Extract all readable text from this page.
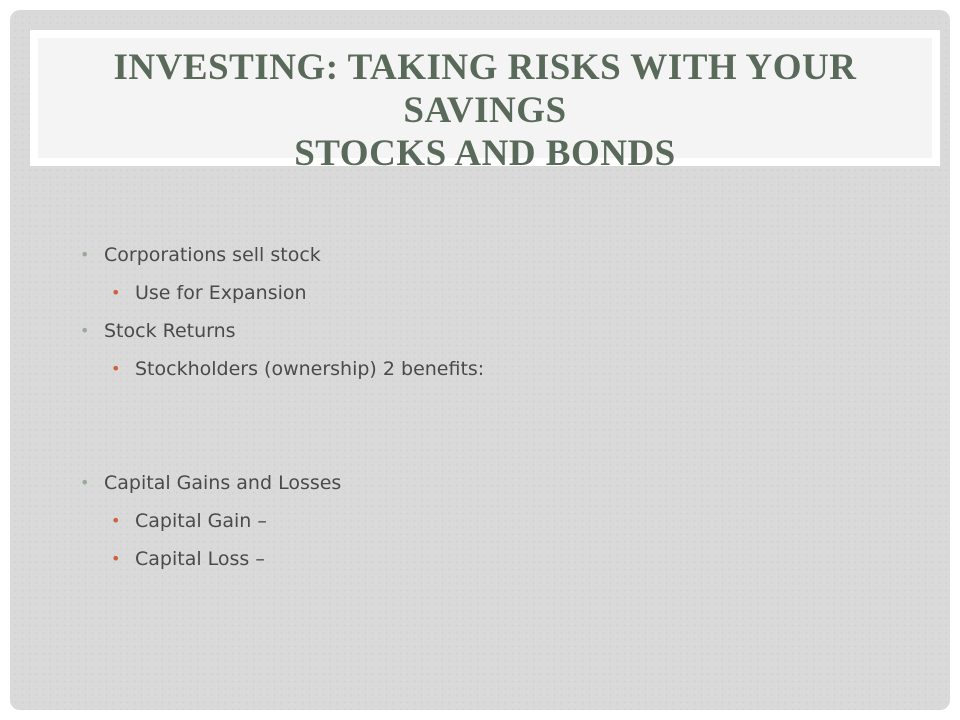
INVESTING: TAKING RISKS WITH YOUR
SAVINGS
STOCKS AND BONDS
• Corporations sell stock
• Use for Expansion
• Stock Returns
• Stockholders (ownership) 2 benefits:
• Capital Gains and Losses
• Capital Gain –
• Capital Loss –
